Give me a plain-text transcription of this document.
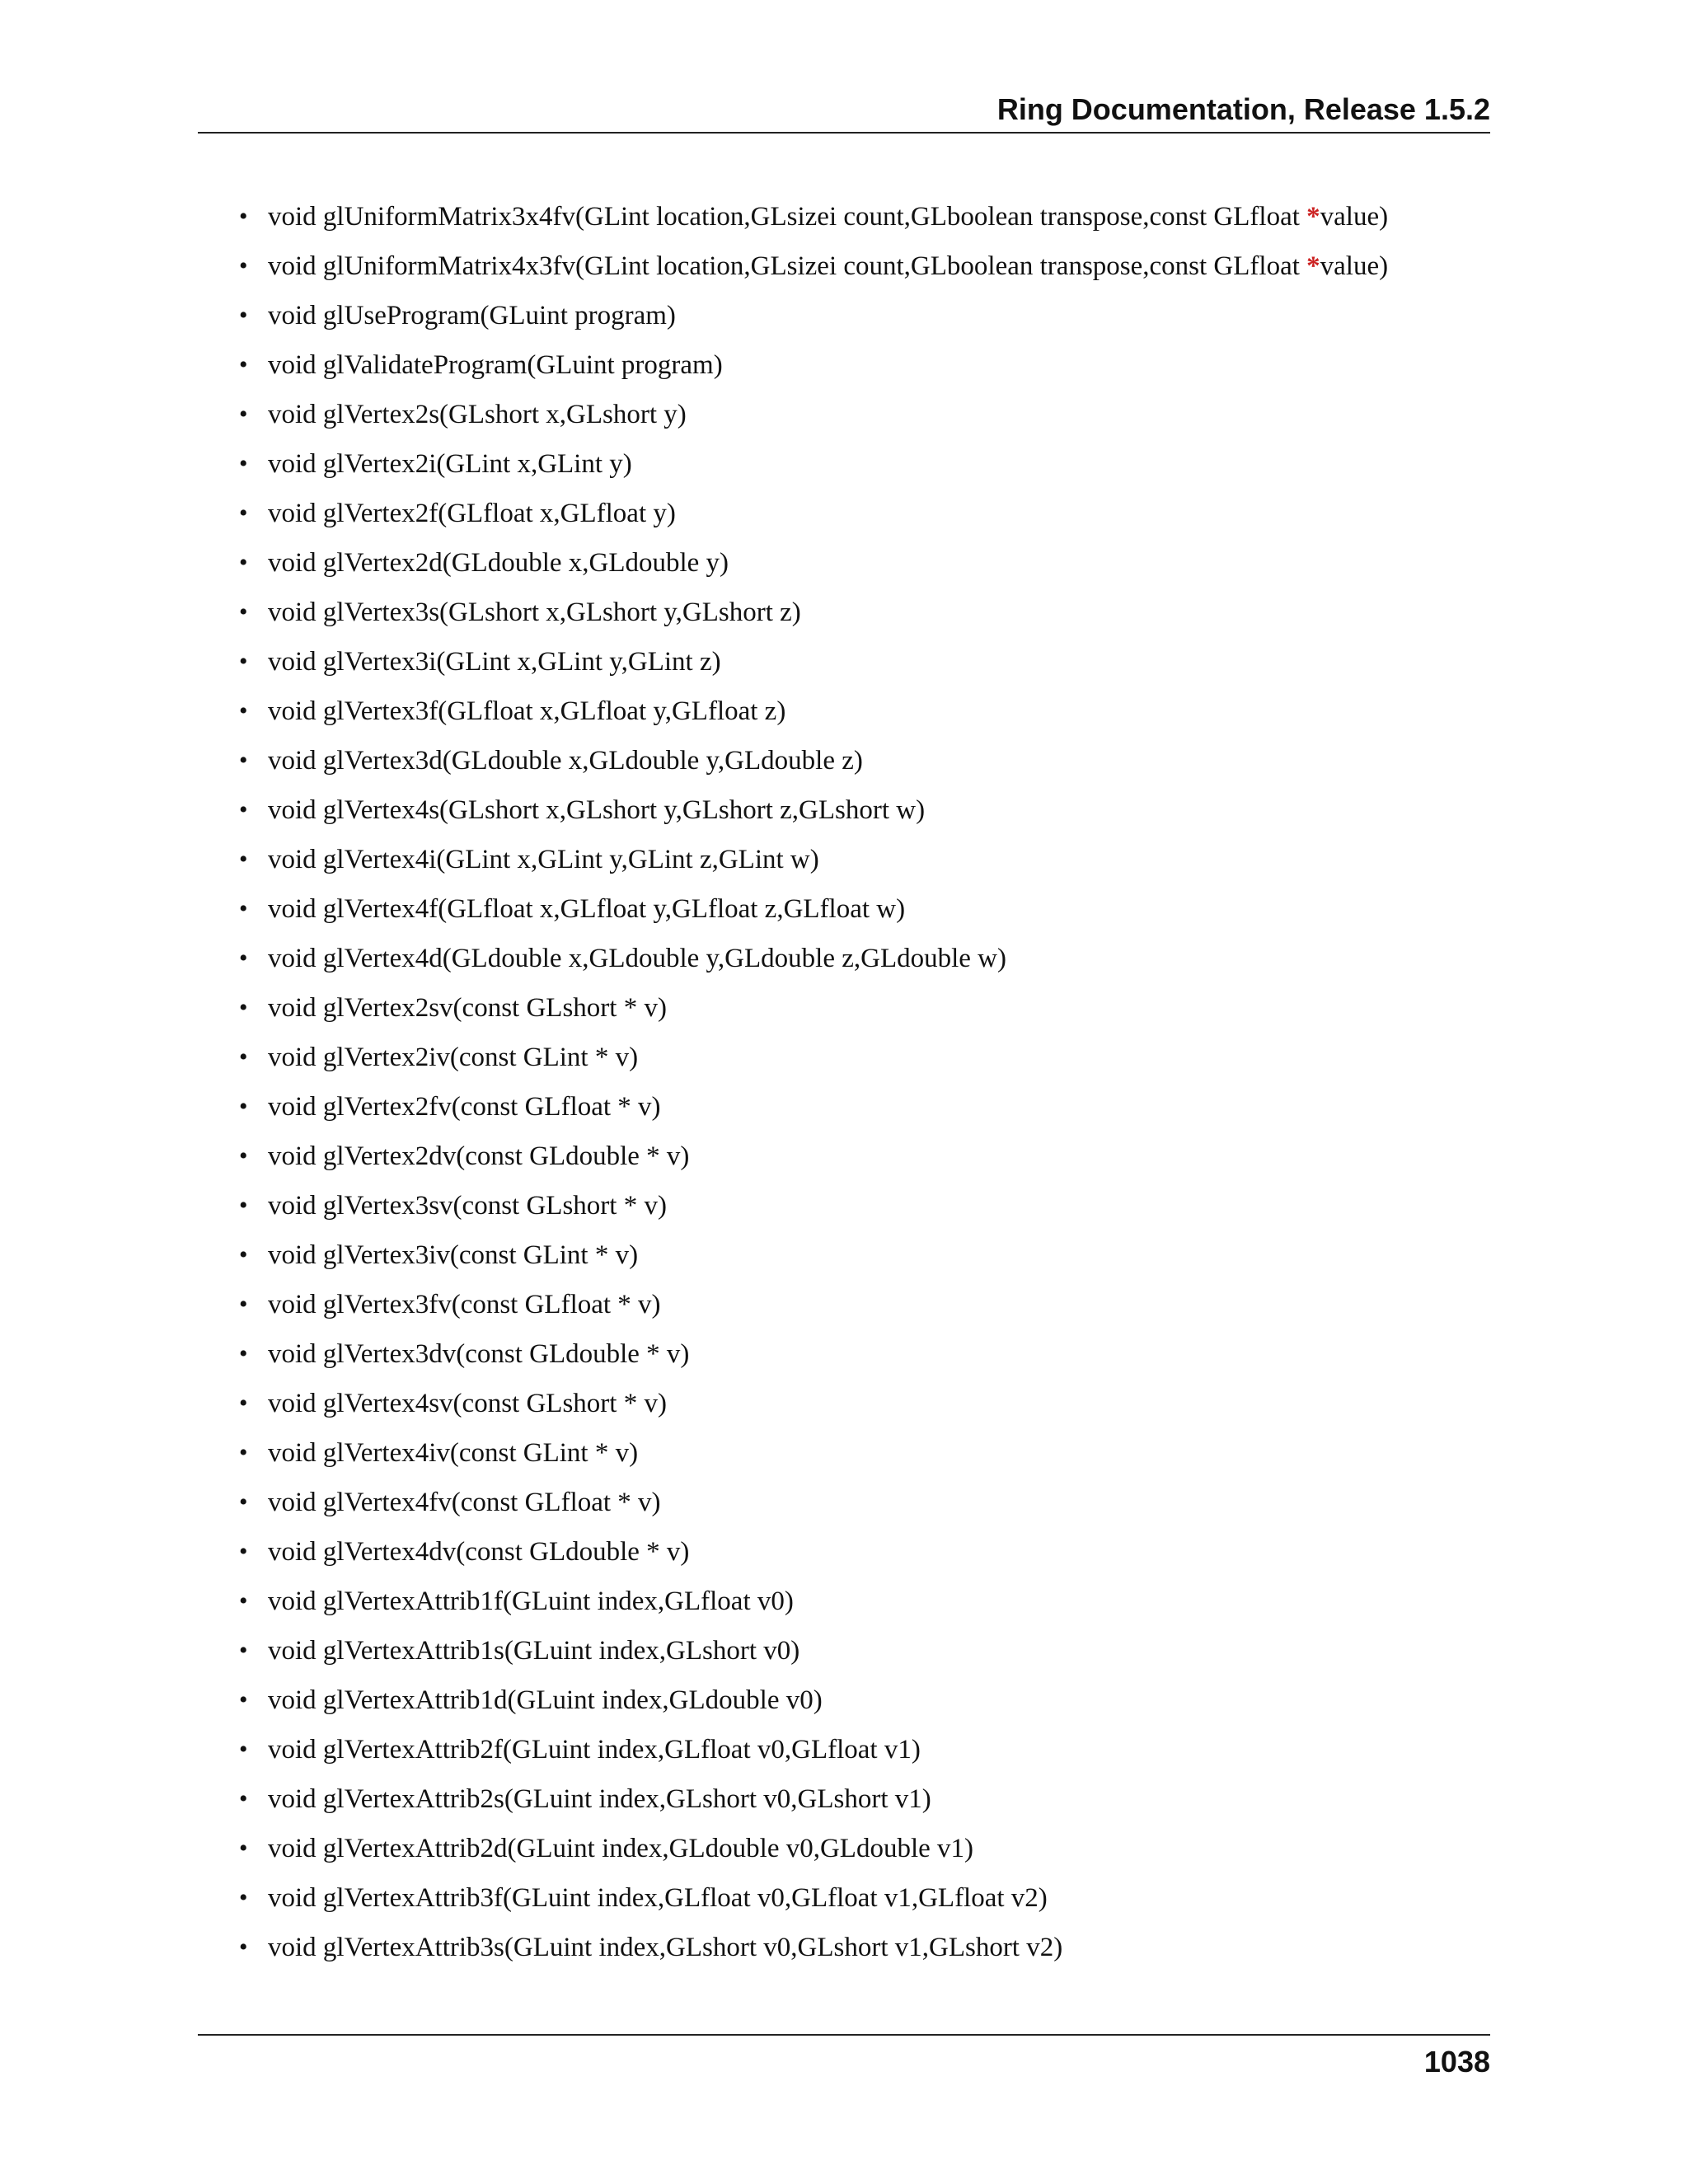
Ring Documentation, Release 1.5.2
• void glUniformMatrix3x4fv(GLint location,GLsizei count,GLboolean transpose,const GLfloat *value)
• void glUniformMatrix4x3fv(GLint location,GLsizei count,GLboolean transpose,const GLfloat *value)
• void glUseProgram(GLuint program)
• void glValidateProgram(GLuint program)
• void glVertex2s(GLshort x,GLshort y)
• void glVertex2i(GLint x,GLint y)
• void glVertex2f(GLfloat x,GLfloat y)
• void glVertex2d(GLdouble x,GLdouble y)
• void glVertex3s(GLshort x,GLshort y,GLshort z)
• void glVertex3i(GLint x,GLint y,GLint z)
• void glVertex3f(GLfloat x,GLfloat y,GLfloat z)
• void glVertex3d(GLdouble x,GLdouble y,GLdouble z)
• void glVertex4s(GLshort x,GLshort y,GLshort z,GLshort w)
• void glVertex4i(GLint x,GLint y,GLint z,GLint w)
• void glVertex4f(GLfloat x,GLfloat y,GLfloat z,GLfloat w)
• void glVertex4d(GLdouble x,GLdouble y,GLdouble z,GLdouble w)
• void glVertex2sv(const GLshort * v)
• void glVertex2iv(const GLint * v)
• void glVertex2fv(const GLfloat * v)
• void glVertex2dv(const GLdouble * v)
• void glVertex3sv(const GLshort * v)
• void glVertex3iv(const GLint * v)
• void glVertex3fv(const GLfloat * v)
• void glVertex3dv(const GLdouble * v)
• void glVertex4sv(const GLshort * v)
• void glVertex4iv(const GLint * v)
• void glVertex4fv(const GLfloat * v)
• void glVertex4dv(const GLdouble * v)
• void glVertexAttrib1f(GLuint index,GLfloat v0)
• void glVertexAttrib1s(GLuint index,GLshort v0)
• void glVertexAttrib1d(GLuint index,GLdouble v0)
• void glVertexAttrib2f(GLuint index,GLfloat v0,GLfloat v1)
• void glVertexAttrib2s(GLuint index,GLshort v0,GLshort v1)
• void glVertexAttrib2d(GLuint index,GLdouble v0,GLdouble v1)
• void glVertexAttrib3f(GLuint index,GLfloat v0,GLfloat v1,GLfloat v2)
• void glVertexAttrib3s(GLuint index,GLshort v0,GLshort v1,GLshort v2)
1038
